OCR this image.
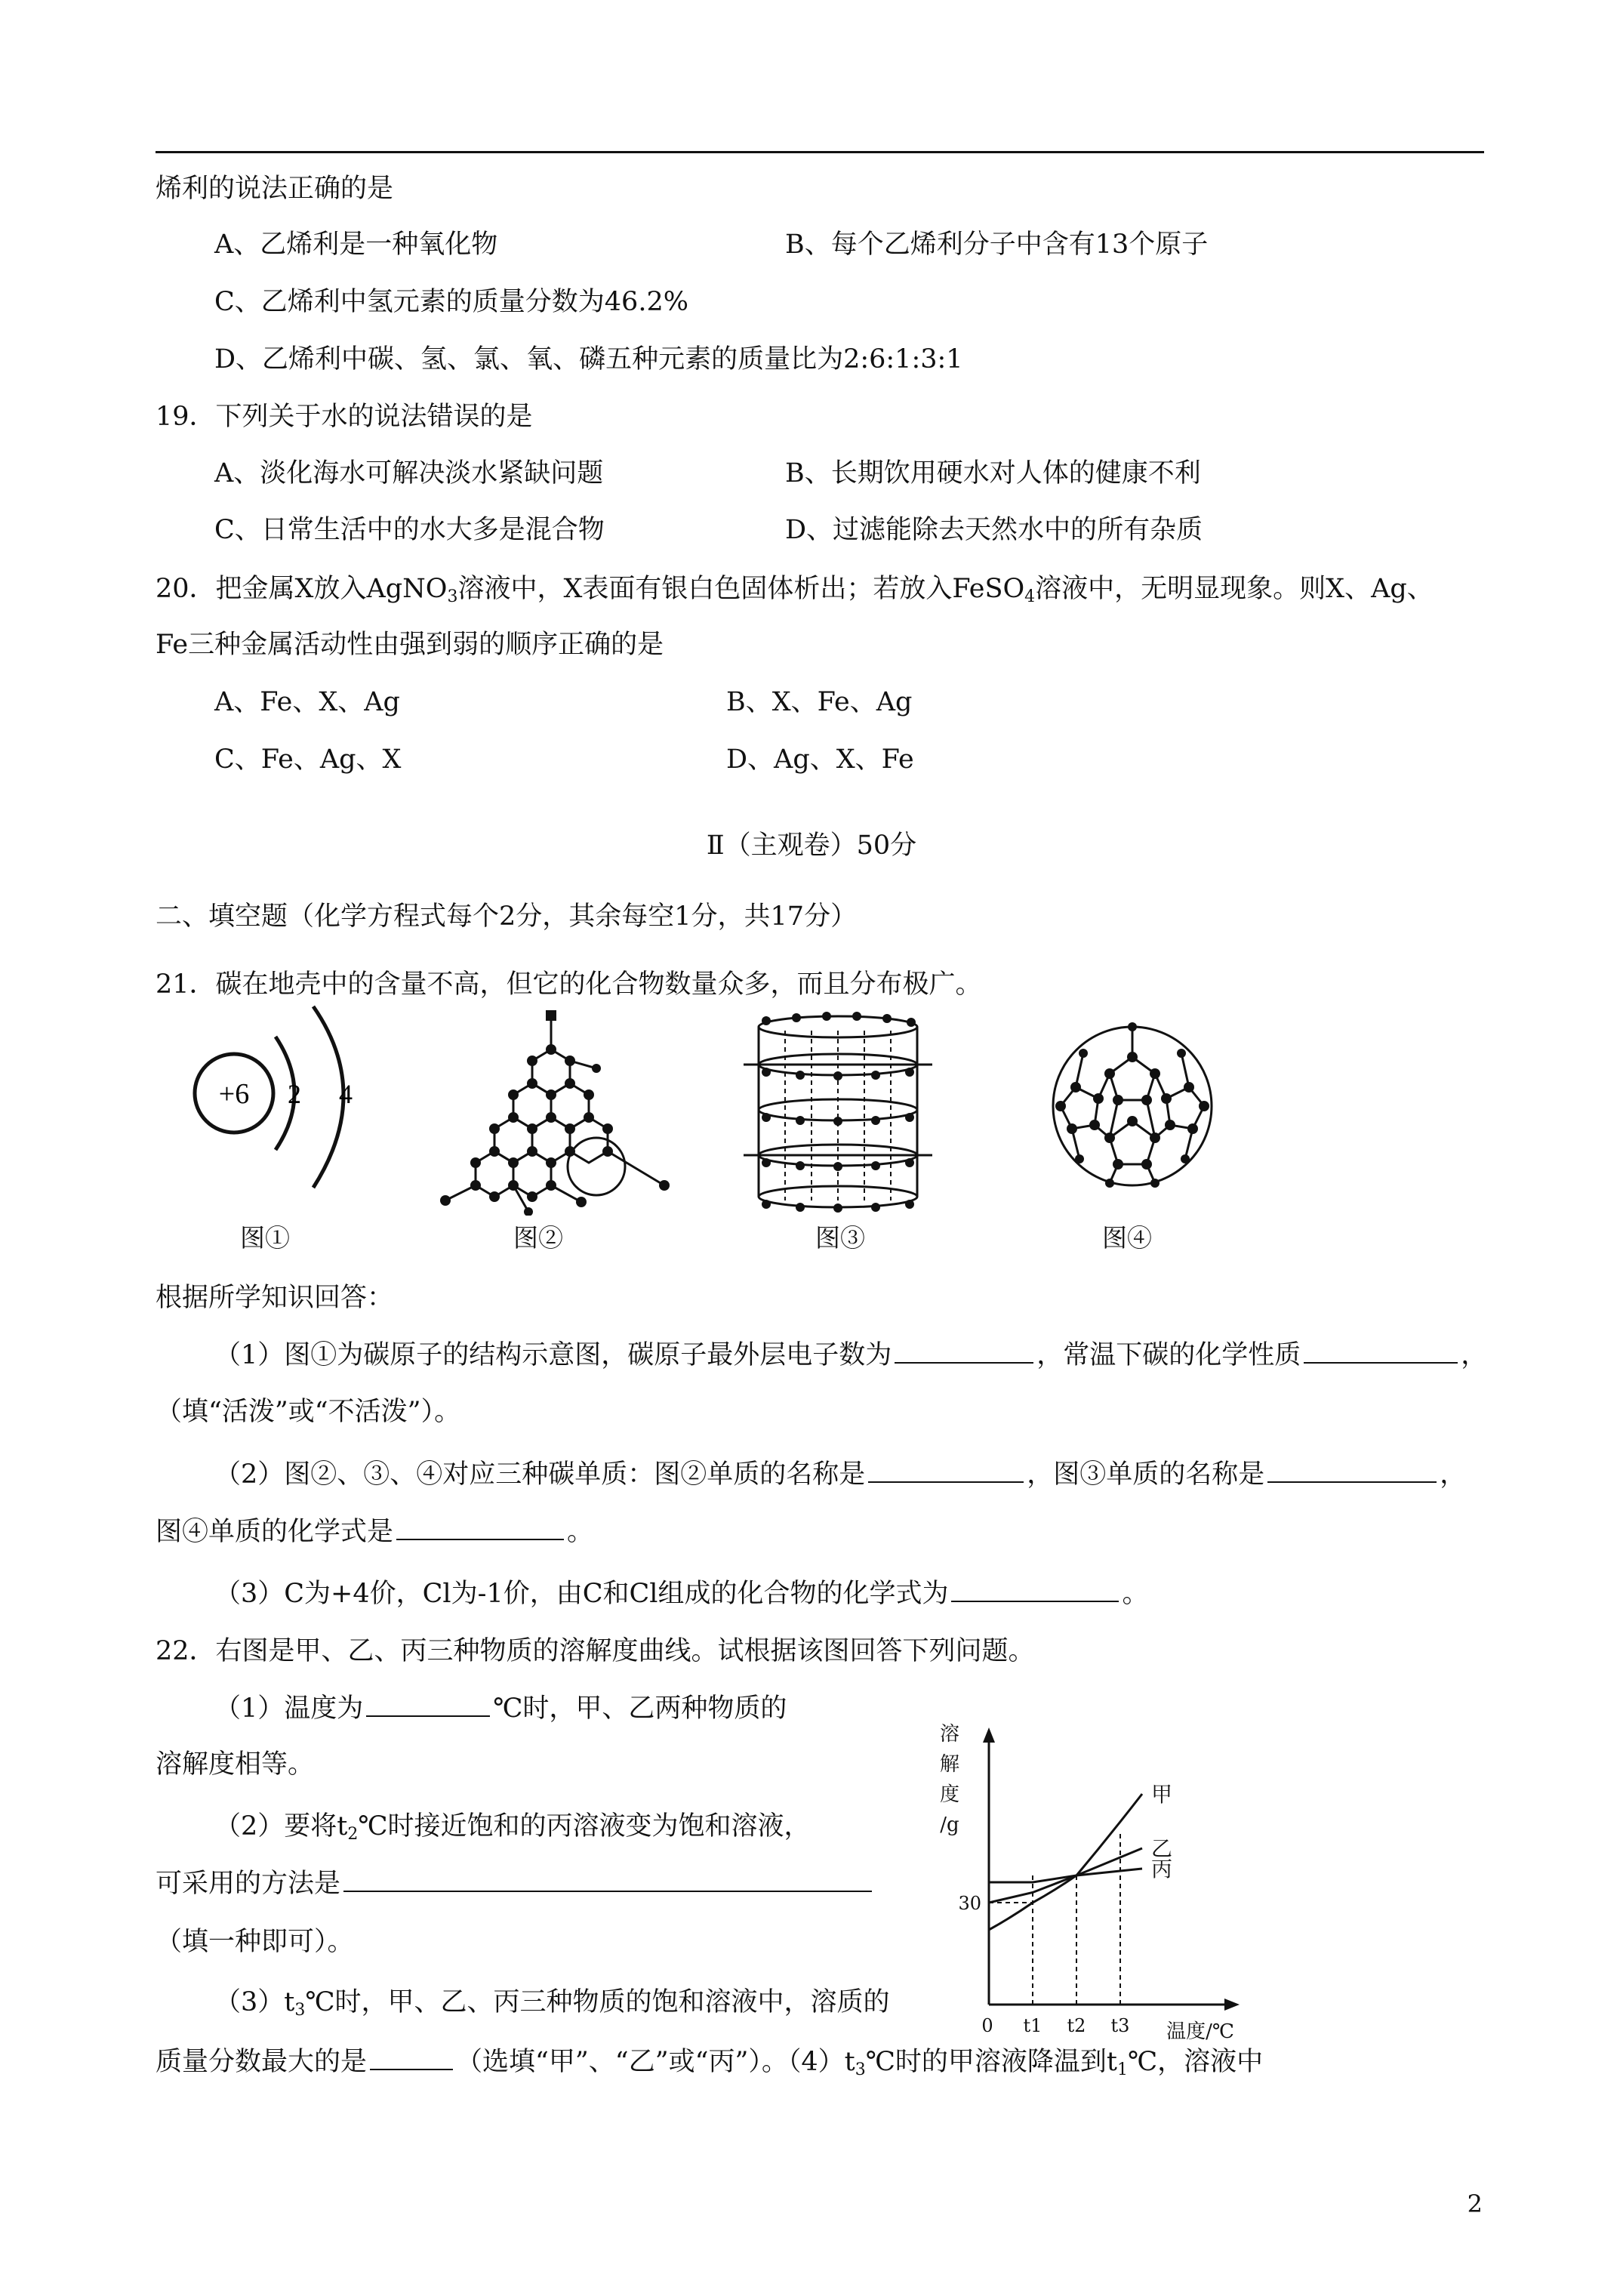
烯利的说法正确的是
A、乙烯利是一种氧化物	B、每个乙烯利分子中含有13个原子
C、乙烯利中氢元素的质量分数为46.2%
D、乙烯利中碳、氢、氯、氧、磷五种元素的质量比为2:6:1:3:1
19．下列关于水的说法错误的是
A、淡化海水可解决淡水紧缺问题	B、长期饮用硬水对人体的健康不利
C、日常生活中的水大多是混合物	D、过滤能除去天然水中的所有杂质
20．把金属X放入AgNO$_3$溶液中，X表面有银白色固体析出；若放入FeSO$_4$溶液中，无明显现象。则X、Ag、
Fe三种金属活动性由强到弱的顺序正确的是
A、Fe、X、Ag	B、X、Fe、Ag
C、Fe、Ag、X	D、Ag、X、Fe
Ⅱ（主观卷）50分
二、填空题（化学方程式每个2分，其余每空1分，共17分）
21．碳在地壳中的含量不高，但它的化合物数量众多，而且分布极广。
+6 2 4
图①	图②	图③	图④
根据所学知识回答：
（1）图①为碳原子的结构示意图，碳原子最外层电子数为	，常温下碳的化学性质	，
（填“活泼”或“不活泼”）。
（2）图②、③、④对应三种碳单质：图②单质的名称是	，图③单质的名称是	，
图④单质的化学式是	。
（3）C为+4价，Cl为-1价，由C和Cl组成的化合物的化学式为	。
22．右图是甲、乙、丙三种物质的溶解度曲线。试根据该图回答下列问题。
（1）温度为	℃时，甲、乙两种物质的
溶解度相等。
（2）要将$t_2℃$时接近饱和的丙溶液变为饱和溶液，
可采用的方法是
（填一种即可）。
$(3)t_3℃$时，甲、乙、丙三种物质的饱和溶液中，溶质的
质量分数最大的是	（选填“甲”、“乙”或“丙”）。$(4)t_3℃$时的甲溶液降温到$t_1℃$，溶液中
溶
解
度
/g
甲
乙
丙
0 t1 t2 t3
30
温度/℃
2
